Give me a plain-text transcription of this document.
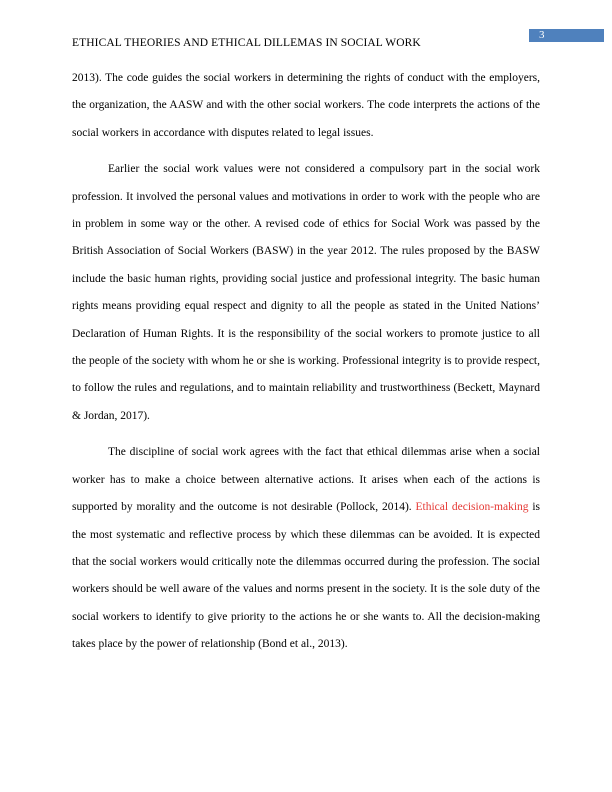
ETHICAL THEORIES AND ETHICAL DILLEMAS IN SOCIAL WORK
3

2013). The code guides the social workers in determining the rights of conduct with the employers, the organization, the AASW and with the other social workers. The code interprets the actions of the social workers in accordance with disputes related to legal issues.

Earlier the social work values were not considered a compulsory part in the social work profession. It involved the personal values and motivations in order to work with the people who are in problem in some way or the other. A revised code of ethics for Social Work was passed by the British Association of Social Workers (BASW) in the year 2012. The rules proposed by the BASW include the basic human rights, providing social justice and professional integrity. The basic human rights means providing equal respect and dignity to all the people as stated in the United Nations’ Declaration of Human Rights. It is the responsibility of the social workers to promote justice to all the people of the society with whom he or she is working. Professional integrity is to provide respect, to follow the rules and regulations, and to maintain reliability and trustworthiness (Beckett, Maynard & Jordan, 2017).

The discipline of social work agrees with the fact that ethical dilemmas arise when a social worker has to make a choice between alternative actions. It arises when each of the actions is supported by morality and the outcome is not desirable (Pollock, 2014). Ethical decision-making is the most systematic and reflective process by which these dilemmas can be avoided. It is expected that the social workers would critically note the dilemmas occurred during the profession. The social workers should be well aware of the values and norms present in the society. It is the sole duty of the social workers to identify to give priority to the actions he or she wants to. All the decision-making takes place by the power of relationship (Bond et al., 2013).
